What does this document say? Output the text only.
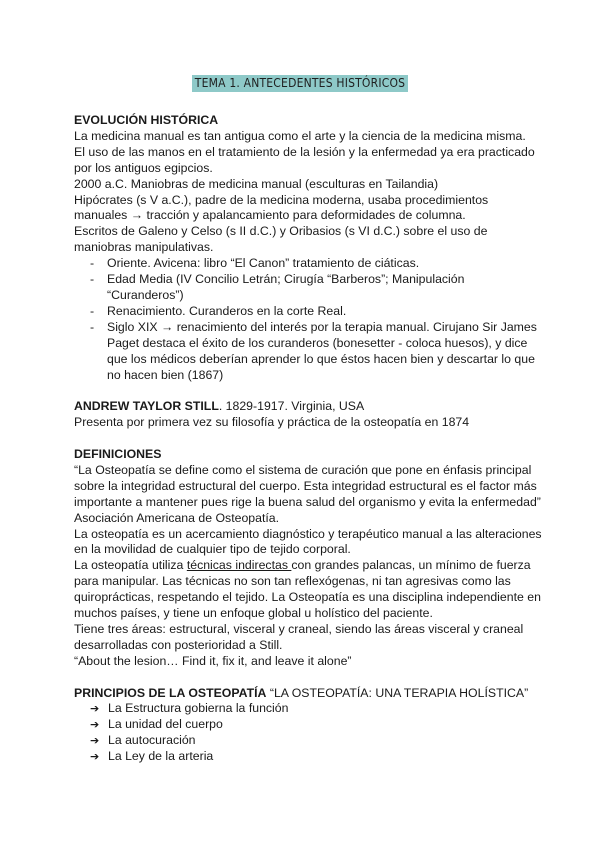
TEMA 1. ANTECEDENTES HISTÓRICOS

EVOLUCIÓN HISTÓRICA

La medicina manual es tan antigua como el arte y la ciencia de la medicina misma.

El uso de las manos en el tratamiento de la lesión y la enfermedad ya era practicado por los antiguos egipcios.

2000 a.C. Maniobras de medicina manual (esculturas en Tailandia)

Hipócrates (s V a.C.), padre de la medicina moderna, usaba procedimientos manuales → tracción y apalancamiento para deformidades de columna.

Escritos de Galeno y Celso (s II d.C.) y Oribasios (s VI d.C.) sobre el uso de maniobras manipulativas.

- Oriente. Avicena: libro “El Canon” tratamiento de ciáticas.
- Edad Media (IV Concilio Letrán; Cirugía “Barberos”; Manipulación “Curanderos”)
- Renacimiento. Curanderos en la corte Real.
- Siglo XIX → renacimiento del interés por la terapia manual. Cirujano Sir James Paget destaca el éxito de los curanderos (bonesetter - coloca huesos), y dice que los médicos deberían aprender lo que éstos hacen bien y descartar lo que no hacen bien (1867)

ANDREW TAYLOR STILL. 1829-1917. Virginia, USA

Presenta por primera vez su filosofía y práctica de la osteopatía en 1874

DEFINICIONES

“La Osteopatía se define como el sistema de curación que pone en énfasis principal sobre la integridad estructural del cuerpo. Esta integridad estructural es el factor más importante a mantener pues rige la buena salud del organismo y evita la enfermedad” Asociación Americana de Osteopatía.

La osteopatía es un acercamiento diagnóstico y terapéutico manual a las alteraciones en la movilidad de cualquier tipo de tejido corporal.

La osteopatía utiliza técnicas indirectas con grandes palancas, un mínimo de fuerza para manipular. Las técnicas no son tan reflexógenas, ni tan agresivas como las quiroprácticas, respetando el tejido. La Osteopatía es una disciplina independiente en muchos países, y tiene un enfoque global u holístico del paciente.

Tiene tres áreas: estructural, visceral y craneal, siendo las áreas visceral y craneal desarrolladas con posterioridad a Still.

“About the lesion… Find it, fix it, and leave it alone”

PRINCIPIOS DE LA OSTEOPATÍA “LA OSTEOPATÍA: UNA TERAPIA HOLÍSTICA”

➔ La Estructura gobierna la función
➔ La unidad del cuerpo
➔ La autocuración
➔ La Ley de la arteria
